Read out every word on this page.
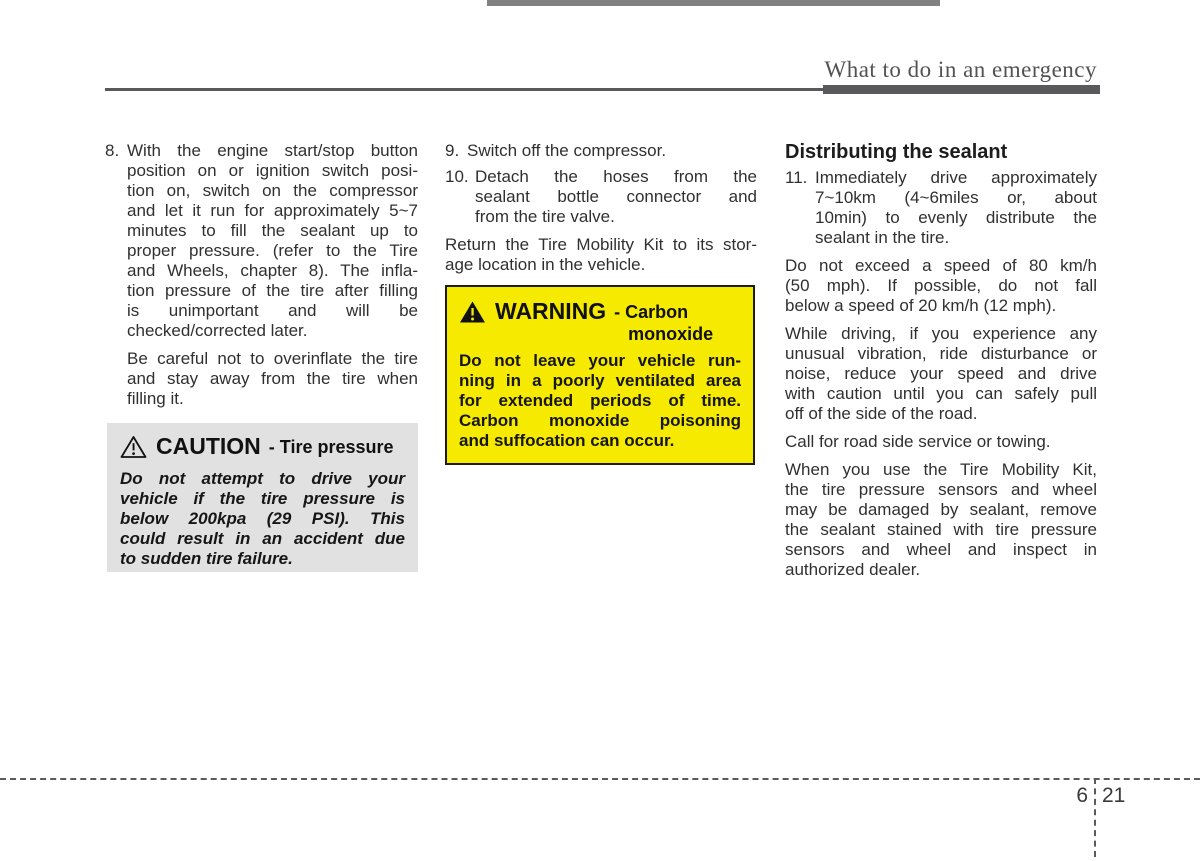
What to do in an emergency
8. With the engine start/stop button
position on or ignition switch posi-
tion on, switch on the compressor
and let it run for approximately 5~7
minutes to fill the sealant up to
proper pressure. (refer to the Tire
and Wheels, chapter 8). The infla-
tion pressure of the tire after filling
is unimportant and will be
checked/corrected later.
Be careful not to overinflate the tire
and stay away from the tire when
filling it.
CAUTION - Tire pressure
Do not attempt to drive your
vehicle if the tire pressure is
below 200kpa (29 PSI). This
could result in an accident due
to sudden tire failure.
9. Switch off the compressor.
10. Detach the hoses from the
sealant bottle connector and
from the tire valve.
Return the Tire Mobility Kit to its stor-
age location in the vehicle.
WARNING - Carbon
monoxide
Do not leave your vehicle run-
ning in a poorly ventilated area
for extended periods of time.
Carbon monoxide poisoning
and suffocation can occur.
Distributing the sealant
11. Immediately drive approximately
7~10km (4~6miles or, about
10min) to evenly distribute the
sealant in the tire.
Do not exceed a speed of 80 km/h
(50 mph). If possible, do not fall
below a speed of 20 km/h (12 mph).
While driving, if you experience any
unusual vibration, ride disturbance or
noise, reduce your speed and drive
with caution until you can safely pull
off of the side of the road.
Call for road side service or towing.
When you use the Tire Mobility Kit,
the tire pressure sensors and wheel
may be damaged by sealant, remove
the sealant stained with tire pressure
sensors and wheel and inspect in
authorized dealer.
6 21
